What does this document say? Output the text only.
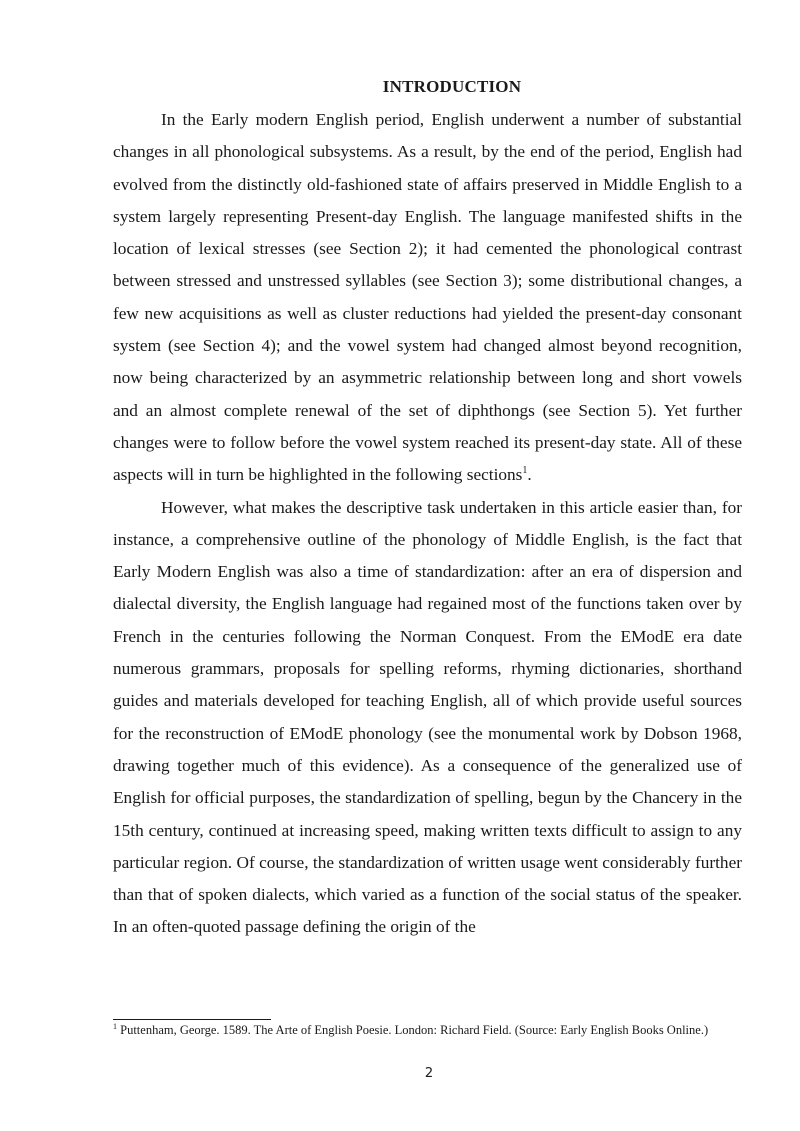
INTRODUCTION

In the Early modern English period, English underwent a number of substantial changes in all phonological subsystems. As a result, by the end of the period, English had evolved from the distinctly old-fashioned state of affairs preserved in Middle English to a system largely representing Present-day English. The language manifested shifts in the location of lexical stresses (see Section 2); it had cemented the phonological contrast between stressed and unstressed syllables (see Section 3); some distributional changes, a few new acquisitions as well as cluster reductions had yielded the present-day consonant system (see Section 4); and the vowel system had changed almost beyond recognition, now being characterized by an asymmetric relationship between long and short vowels and an almost complete renewal of the set of diphthongs (see Section 5). Yet further changes were to follow before the vowel system reached its present-day state. All of these aspects will in turn be highlighted in the following sections$^1$.

However, what makes the descriptive task undertaken in this article easier than, for instance, a comprehensive outline of the phonology of Middle English, is the fact that Early Modern English was also a time of standardization: after an era of dispersion and dialectal diversity, the English language had regained most of the functions taken over by French in the centuries following the Norman Conquest. From the EModE era date numerous grammars, proposals for spelling reforms, rhyming dictionaries, shorthand guides and materials developed for teaching English, all of which provide useful sources for the reconstruction of EModE phonology (see the monumental work by Dobson 1968, drawing together much of this evidence). As a consequence of the generalized use of English for official purposes, the standardization of spelling, begun by the Chancery in the 15th century, continued at increasing speed, making written texts difficult to assign to any particular region. Of course, the standardization of written usage went considerably further than that of spoken dialects, which varied as a function of the social status of the speaker. In an often-quoted passage defining the origin of the

$^1$ Puttenham, George. 1589. The Arte of English Poesie. London: Richard Field. (Source: Early English Books Online.)
2
